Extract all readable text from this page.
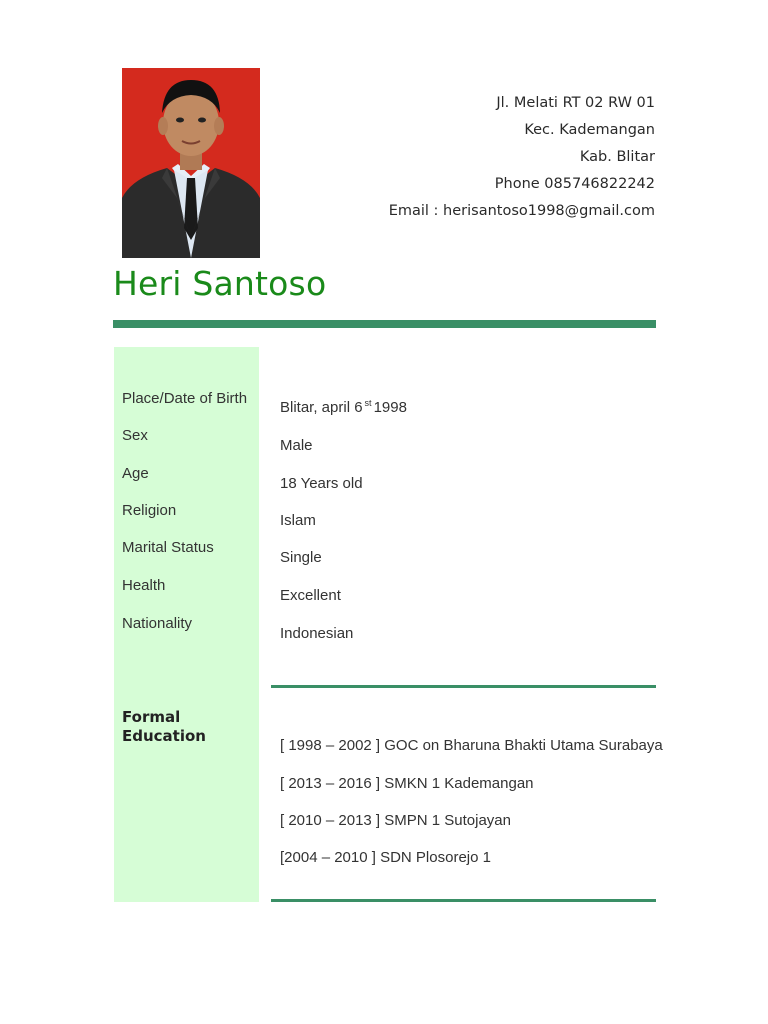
Jl. Melati RT 02 RW 01
Kec. Kademangan
Kab. Blitar
Phone 085746822242
Email : herisantoso1998@gmail.com
Heri Santoso
Place/Date of Birth
Sex
Age
Religion
Marital Status
Health
Nationality
Blitar, april 6 $^{st}$ 1998
Male
18 Years old
Islam
Single
Excellent
Indonesian
Formal Education
[ 1998 – 2002 ] GOC on Bharuna Bhakti Utama Surabaya
[ 2013 – 2016 ] SMKN 1 Kademangan
[ 2010 – 2013 ] SMPN 1 Sutojayan
[2004 – 2010 ] SDN Plosorejo 1
